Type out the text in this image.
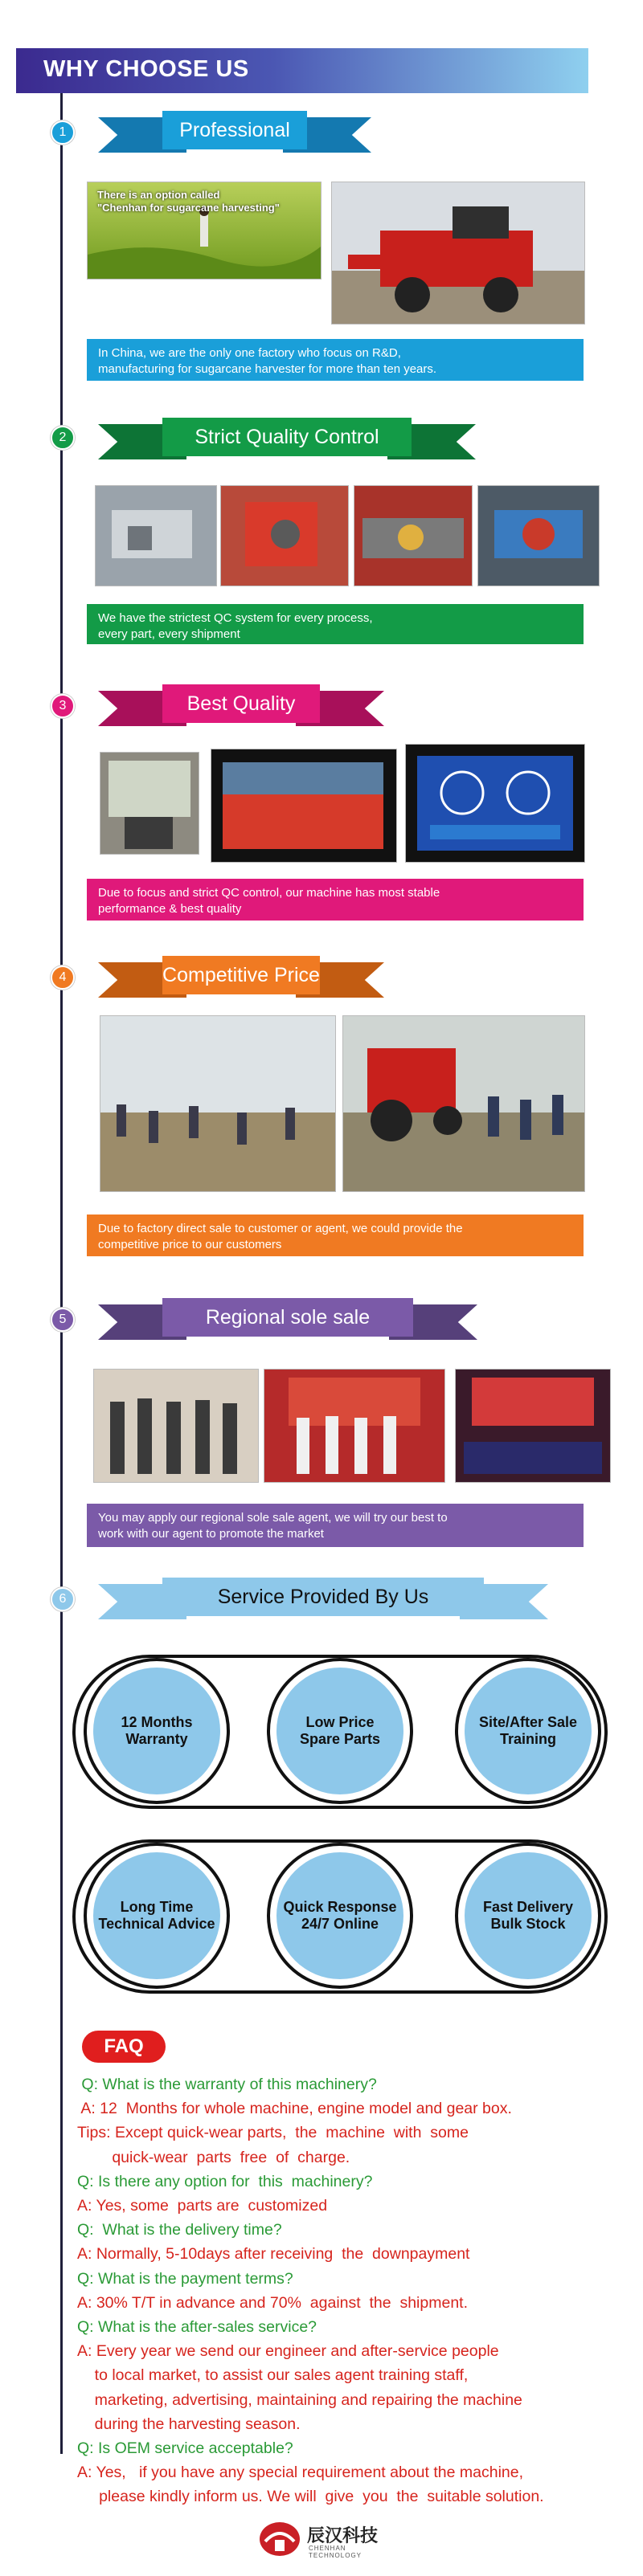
WHY CHOOSE US
1	Professional
There is an option called
"Chenhan for sugarcane harvesting"
In China, we are the only one factory who focus on R&D,
manufacturing for sugarcane harvester for more than ten years.
2	Strict Quality Control
We have the strictest QC system for every process,
every part, every shipment
3	Best Quality
Due to focus and strict QC control, our machine has most stable
performance & best quality
4	Competitive Price
Due to factory direct sale to customer or agent, we could provide the
competitive price to our customers
5	Regional sole sale
You may apply our regional sole sale agent, we will try our best to
work with our agent to promote the market
6	Service Provided By Us
12 Months
Warranty
Low Price
Spare Parts
Site/After Sale
Training
Long Time
Technical Advice
Quick Response
24/7 Online
Fast Delivery
Bulk Stock
FAQ
Q: What is the warranty of this machinery?
A: 12  Months for whole machine, engine model and gear box.
Tips: Except quick-wear parts,  the  machine  with  some
quick-wear  parts  free  of  charge.
Q: Is there any option for  this  machinery?
A: Yes, some  parts are  customized
Q:  What is the delivery time?
A: Normally, 5-10days after receiving  the  downpayment
Q: What is the payment terms?
A: 30% T/T in advance and 70%  against  the  shipment.
Q: What is the after-sales service?
A: Every year we send our engineer and after-service people
to local market, to assist our sales agent training staff,
marketing, advertising, maintaining and repairing the machine
during the harvesting season.
Q: Is OEM service acceptable?
A: Yes,   if you have any special requirement about the machine,
please kindly inform us. We will  give  you  the  suitable solution.
辰汉科技
CHENHAN TECHNOLOGY
